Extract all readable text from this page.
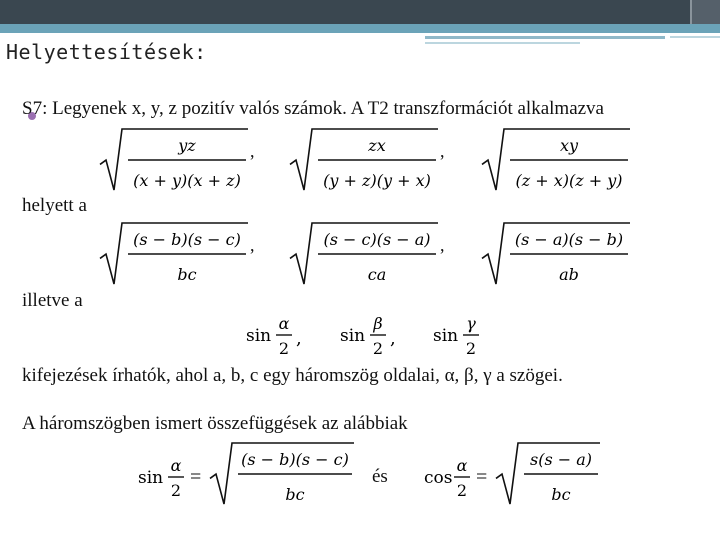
Helyettesítések:
S7: Legyenek x, y, z pozitív valós számok. A T2 transzformációt alkalmazva
helyett a
illetve a
kifejezések írhatók, ahol a, b, c egy háromszög oldalai, α, β, γ a szögei.
A háromszögben ismert összefüggések az alábbiak
és
yz
(x + y)(x + z)
,	zx
(y + z)(y + x)
,	xy
(z + x)(z + y)
(s − b)(s − c)
bc
,	(s − c)(s − a)
ca
,	(s − a)(s − b)
ab
sin
α
2 , sin
β
2 , sin
γ
2
sin
α
2
=
(s − b)(s − c)
bc
cos
α
2
=
s(s − a)
bc
